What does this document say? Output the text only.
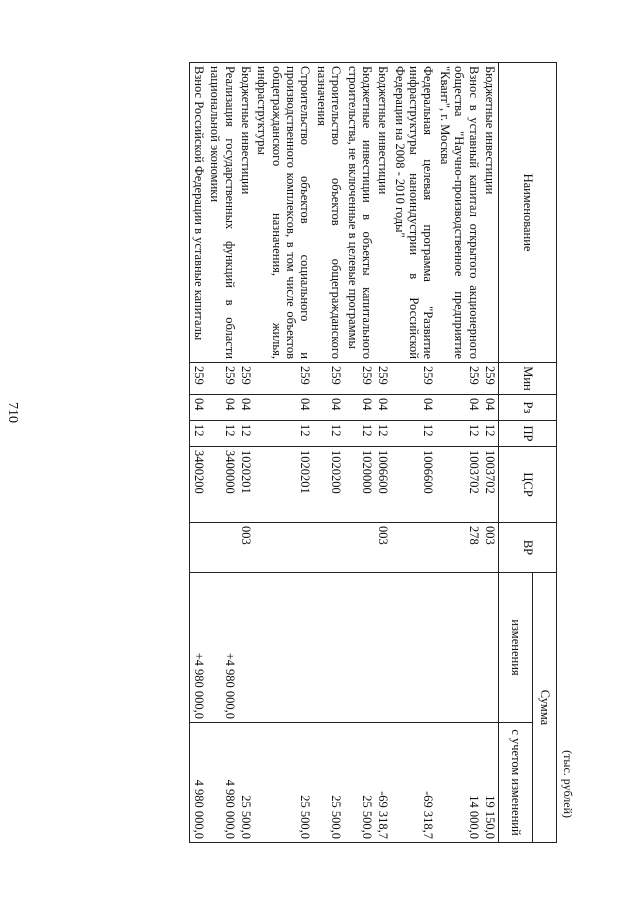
710
(тыс. рублей)
Наименование	Мин	Рз	ПР	ЦСР	ВР	Сумма	
						изменения	с учетом изменений
Бюджетные инвестиции	259	04	12	1003702	003		19 150,0
Взнос в уставный капитал открытого акционерного общества "Научно-производственное предприятие "Квант", г. Москва	259	04	12	1003702	278		14 000,0
Федеральная целевая программа "Развитие инфраструктуры наноиндустрии в Российской Федерации на 2008 - 2010 годы"	259	04	12	1006600			-69 318,7
Бюджетные инвестиции	259	04	12	1006600	003		-69 318,7
Бюджетные инвестиции в объекты капитального строительства, не включенные в целевые программы	259	04	12	1020000			25 500,0
Строительство объектов общегражданского назначения	259	04	12	1020200			25 500,0
Строительство объектов социального и производственного комплексов, в том числе объектов общегражданского назначения, жилья, инфраструктуры	259	04	12	1020201			25 500,0
Бюджетные инвестиции	259	04	12	1020201	003		25 500,0
Реализация государственных функций в области национальной экономики	259	04	12	3400000		+4 980 000,0	4 980 000,0
Взнос Российской Федерации в уставные капиталы	259	04	12	3400200		+4 980 000,0	4 980 000,0
